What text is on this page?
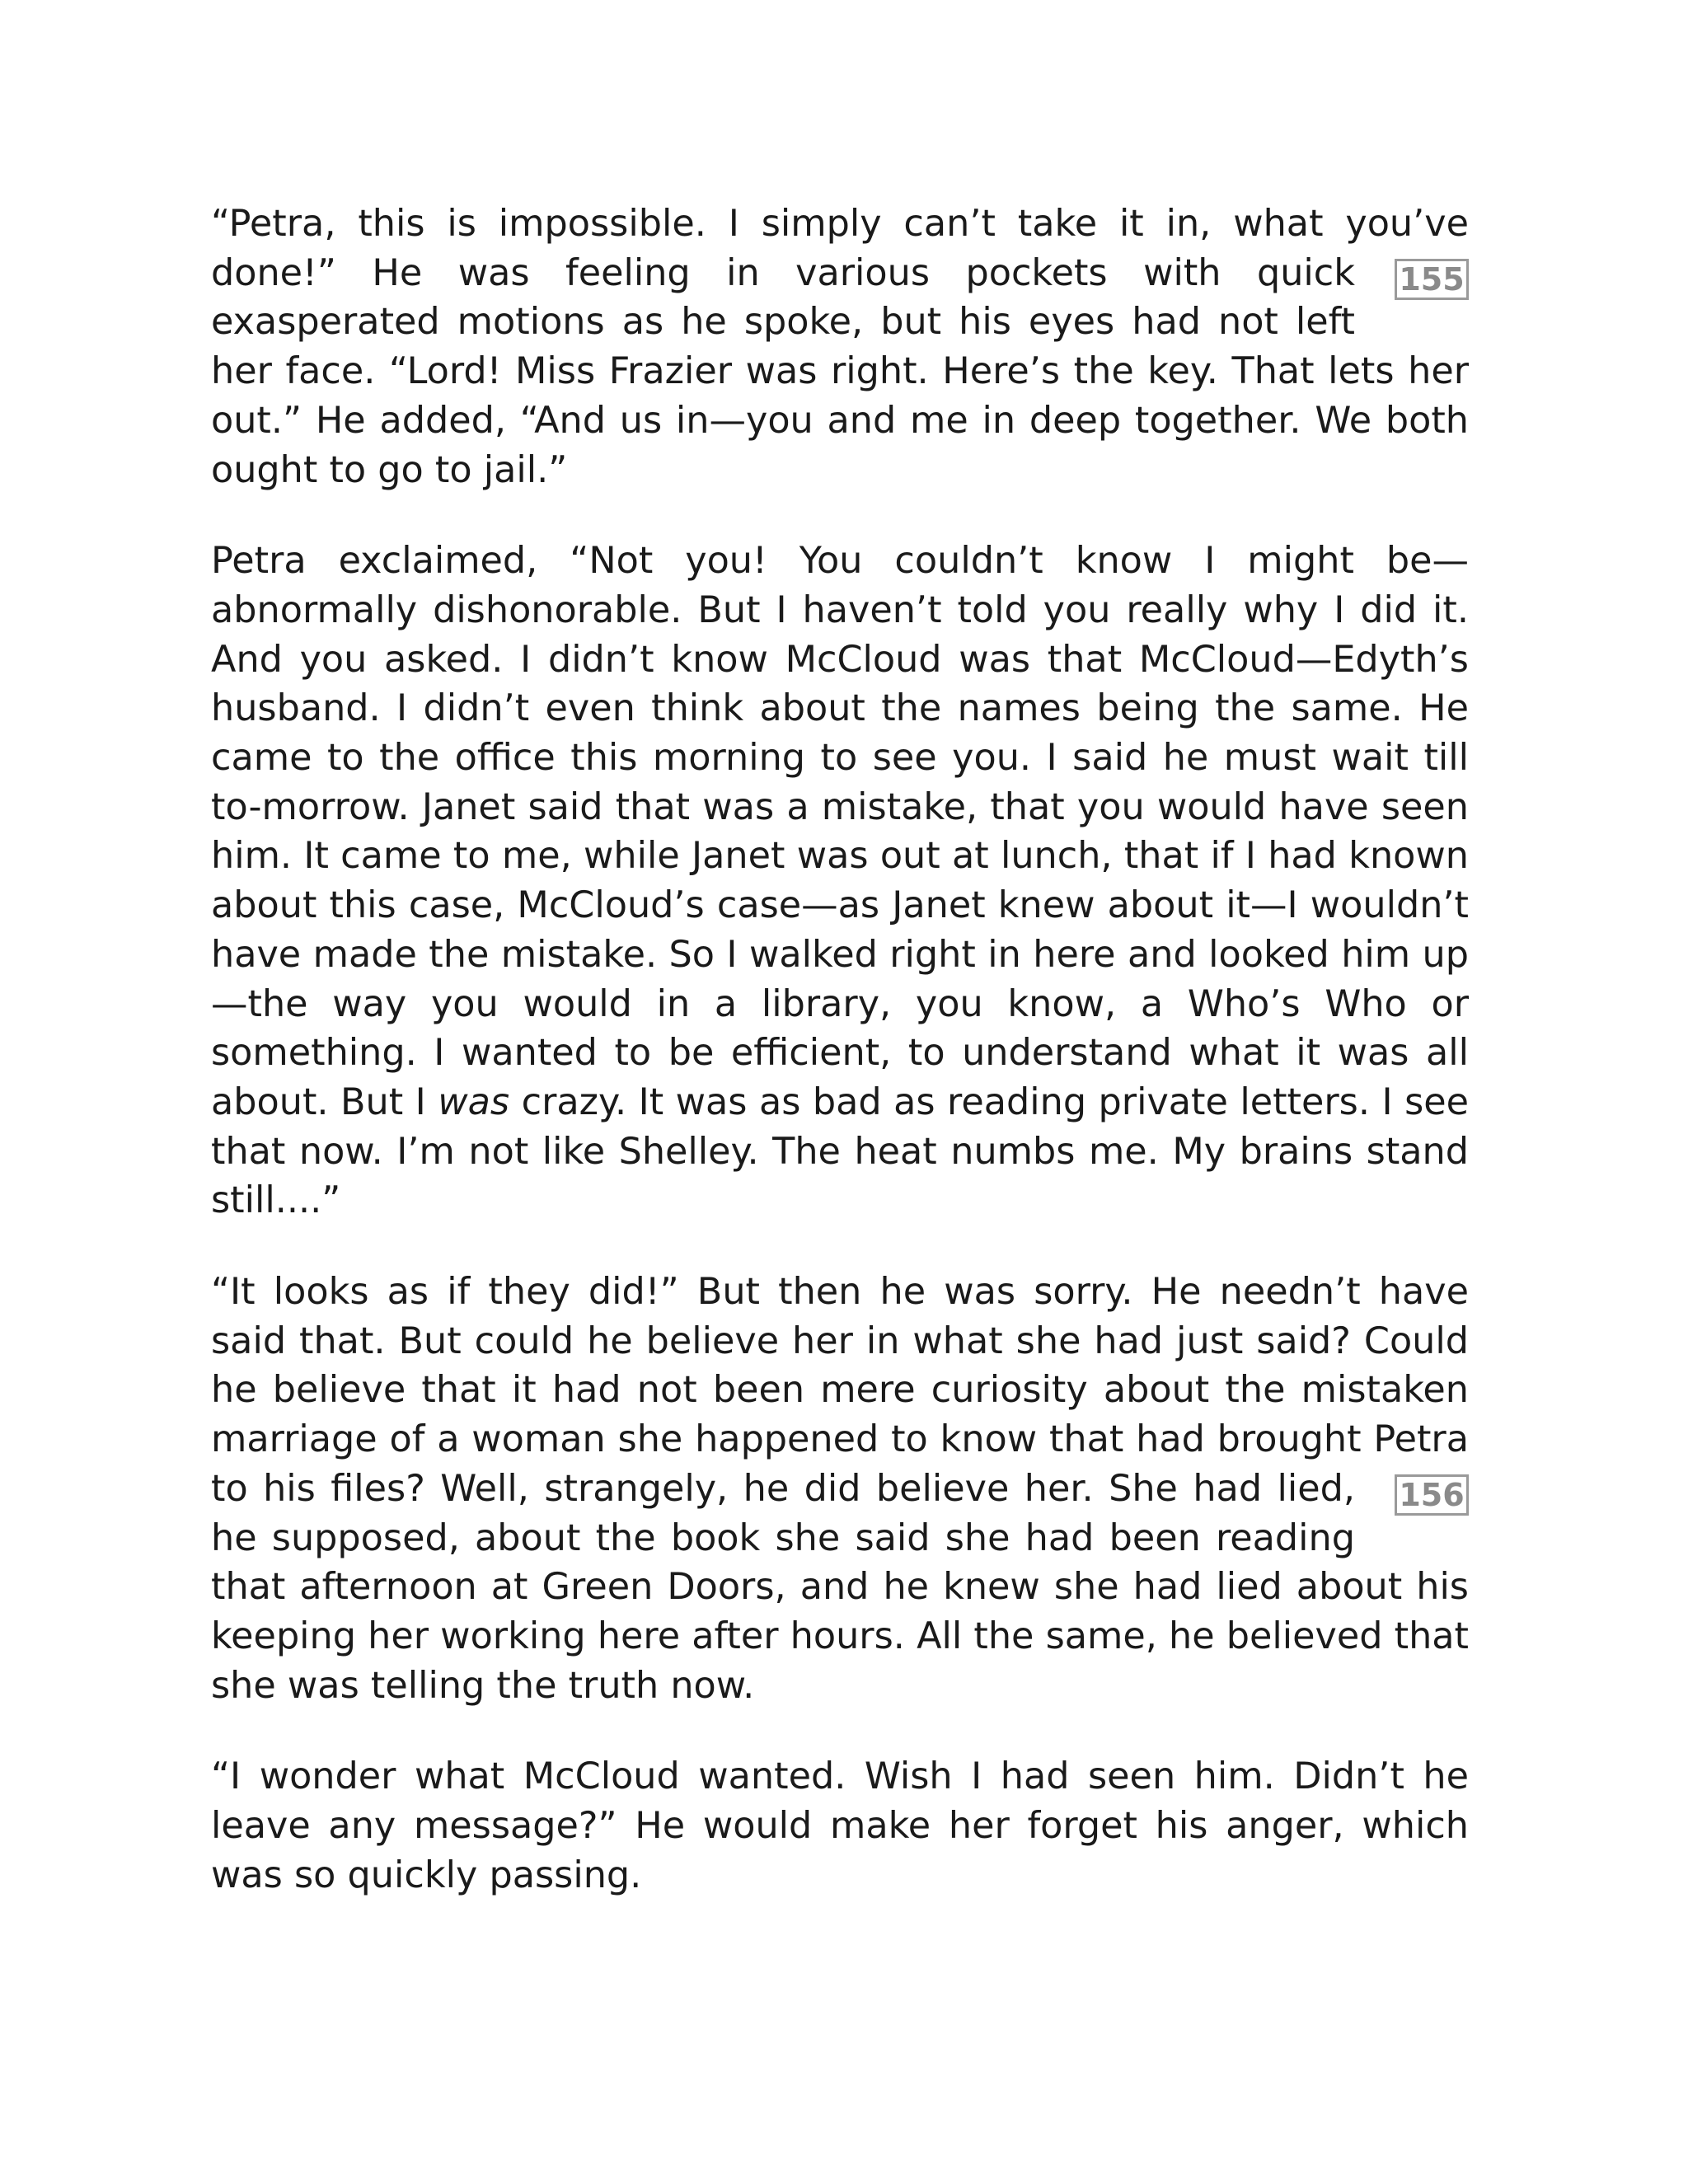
“Petra, this is impossible. I simply can’t take it in, what you’ve done!”	155
He was feeling in various pockets with quick exasperated motions as he spoke, but his eyes had not left her face. “Lord! Miss Frazier was right. Here’s the key. That lets her out.” He added, “And us in—you and me in deep together. We both ought to go to jail.”

Petra exclaimed, “Not you! You couldn’t know I might be—abnormally dishonorable. But I haven’t told you really why I did it. And you asked. I didn’t know McCloud was that McCloud—Edyth’s husband. I didn’t even think about the names being the same. He came to the office this morning to see you. I said he must wait till to-morrow. Janet said that was a mistake, that you would have seen him. It came to me, while Janet was out at lunch, that if I had known about this case, McCloud’s case—as Janet knew about it—I wouldn’t have made the mistake. So I walked right in here and looked him up—the way you would in a library, you know, a Who’s Who or something. I wanted to be efficient, to understand what it was all about. But I was crazy. It was as bad as reading private letters. I see that now. I’m not like Shelley. The heat numbs me. My brains stand still....”

“It looks as if they did!” But then he was sorry. He needn’t have said that. But could he believe her in what she had just said? Could he believe that it had not been mere curiosity about the mistaken marriage of a woman she happened to know that had brought Petra
156
to his files? Well, strangely, he did believe her. She had lied, he supposed, about the book she said she had been reading that afternoon at Green Doors, and he knew she had lied about his keeping her working here after hours. All the same, he believed that she was telling the truth now.

“I wonder what McCloud wanted. Wish I had seen him. Didn’t he leave any message?” He would make her forget his anger, which was so quickly passing.
